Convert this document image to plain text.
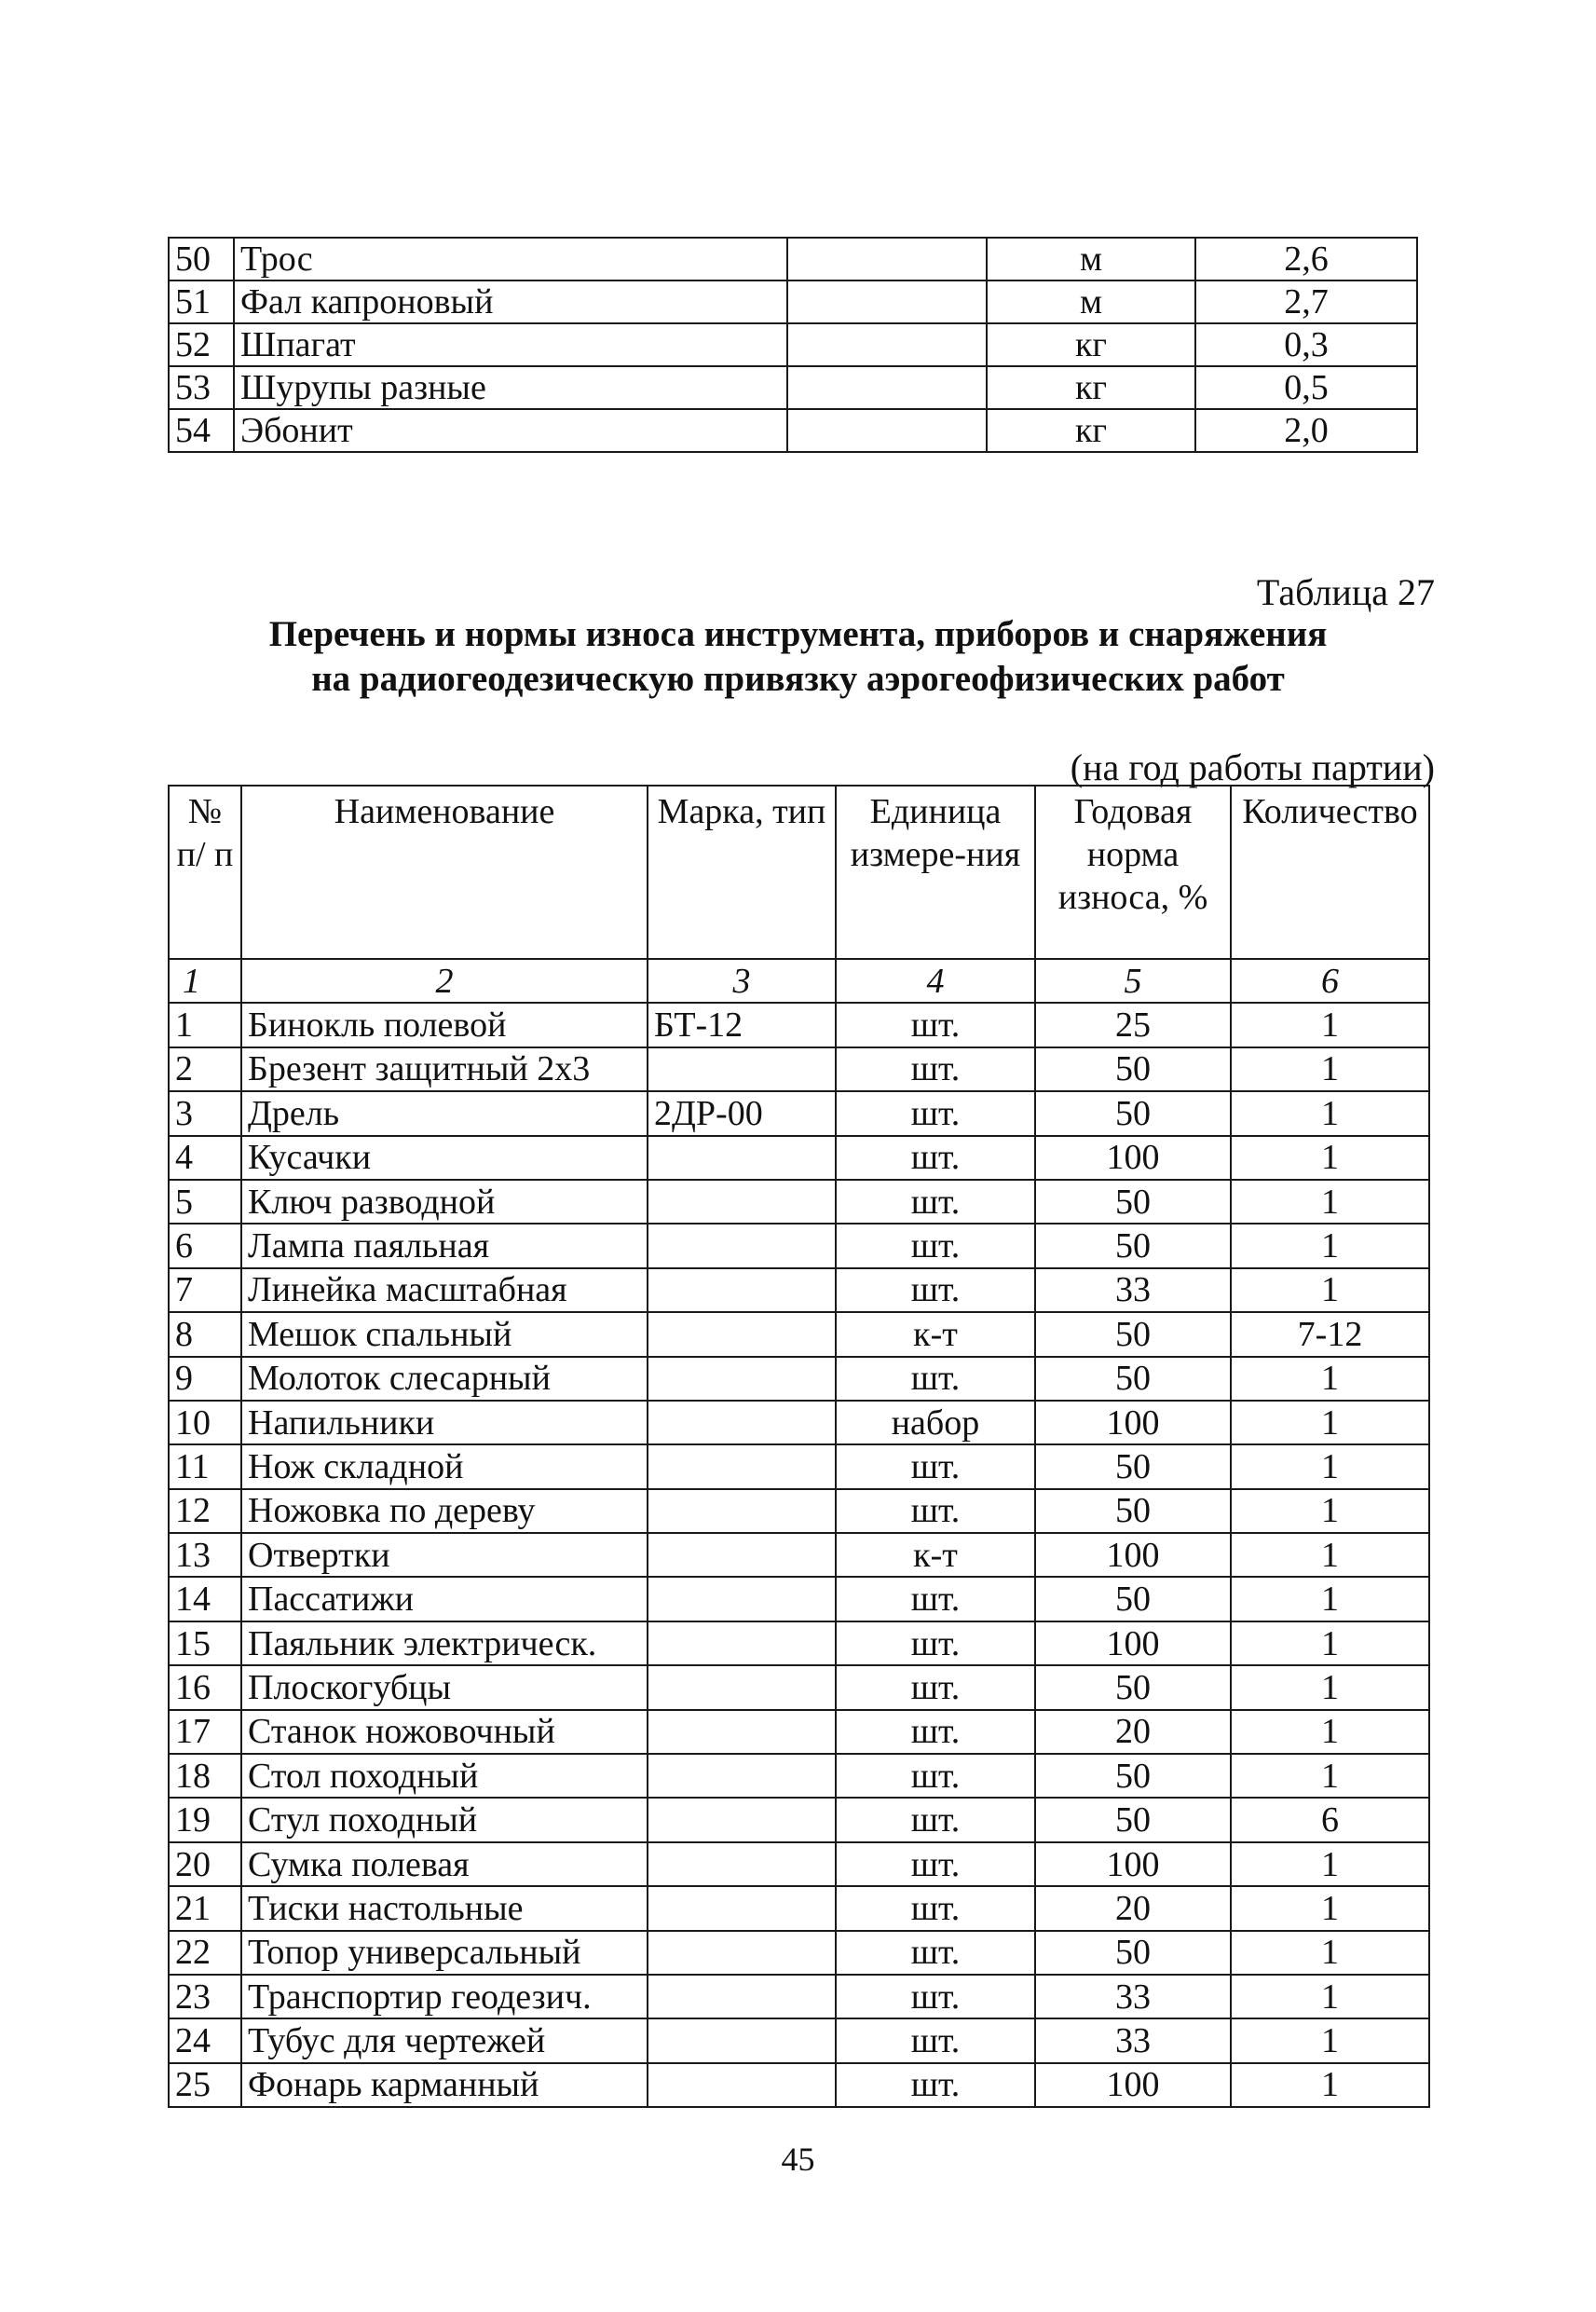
50	Трос		м	2,6
51	Фал капроновый		м	2,7
52	Шпагат		кг	0,3
53	Шурупы разные		кг	0,5
54	Эбонит		кг	2,0
Таблица 27
Перечень и нормы износа инструмента, приборов и снаряжения
на радиогеодезическую привязку аэрогеофизических работ
(на год работы партии)
№ п/ п	Наименование	Марка, тип	Единица измере-ния	Годовая норма износа, %	Количество
1	2	3	4	5	6
1	Бинокль полевой	БТ-12	шт.	25	1
2	Брезент защитный 2х3		шт.	50	1
3	Дрель	2ДР-00	шт.	50	1
4	Кусачки		шт.	100	1
5	Ключ разводной		шт.	50	1
6	Лампа паяльная		шт.	50	1
7	Линейка масштабная		шт.	33	1
8	Мешок спальный		к-т	50	7-12
9	Молоток слесарный		шт.	50	1
10	Напильники		набор	100	1
11	Нож складной		шт.	50	1
12	Ножовка по дереву		шт.	50	1
13	Отвертки		к-т	100	1
14	Пассатижи		шт.	50	1
15	Паяльник электрическ.		шт.	100	1
16	Плоскогубцы		шт.	50	1
17	Станок ножовочный		шт.	20	1
18	Стол походный		шт.	50	1
19	Стул походный		шт.	50	6
20	Сумка полевая		шт.	100	1
21	Тиски настольные		шт.	20	1
22	Топор универсальный		шт.	50	1
23	Транспортир геодезич.		шт.	33	1
24	Тубус для чертежей		шт.	33	1
25	Фонарь карманный		шт.	100	1
45
